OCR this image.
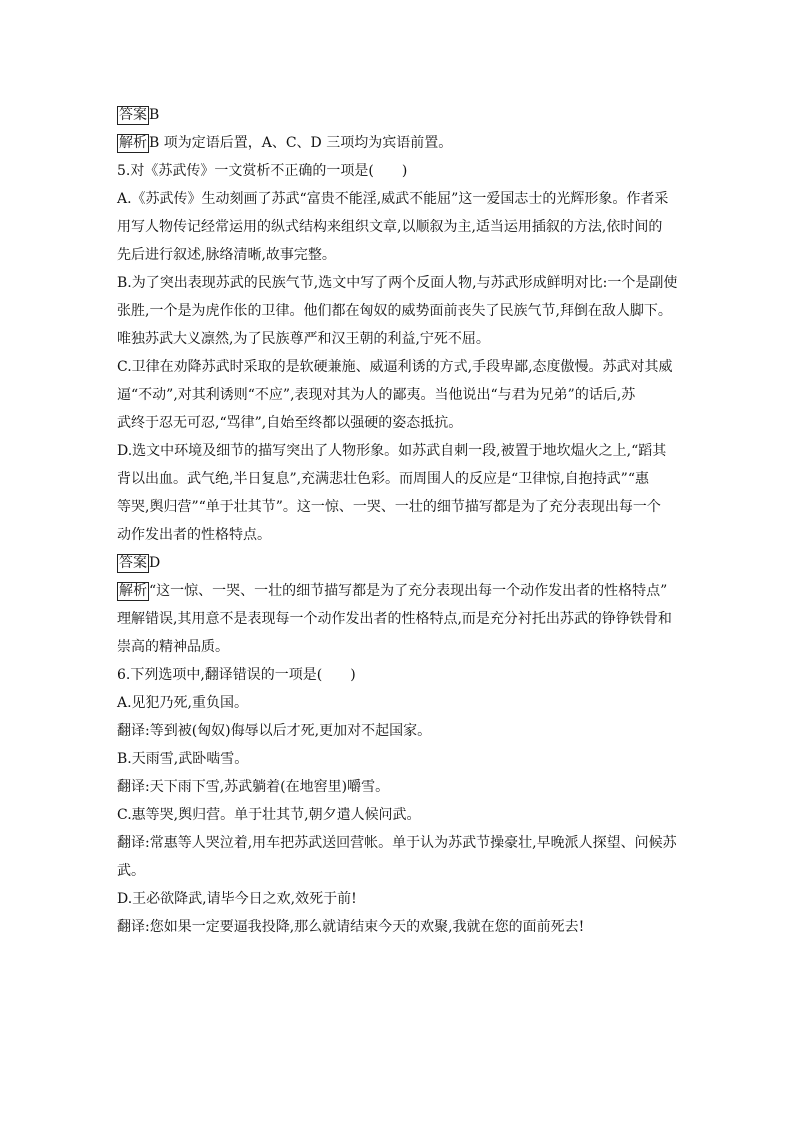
答案 B
解析 B 项为定语后置，A、C、D 三项均为宾语前置。
5.对《苏武传》一文赏析不正确的一项是(　　)
A.《苏武传》生动刻画了苏武“富贵不能淫,威武不能屈”这一爱国志士的光辉形象。作者采
用写人物传记经常运用的纵式结构来组织文章,以顺叙为主,适当运用插叙的方法,依时间的
先后进行叙述,脉络清晰,故事完整。
B.为了突出表现苏武的民族气节,选文中写了两个反面人物,与苏武形成鲜明对比:一个是副使
张胜,一个是为虎作伥的卫律。他们都在匈奴的威势面前丧失了民族气节,拜倒在敌人脚下。
唯独苏武大义凛然,为了民族尊严和汉王朝的利益,宁死不屈。
C.卫律在劝降苏武时采取的是软硬兼施、威逼利诱的方式,手段卑鄙,态度傲慢。苏武对其威
逼“不动”,对其利诱则“不应”,表现对其为人的鄙夷。当他说出“与君为兄弟”的话后,苏
武终于忍无可忍,“骂律”,自始至终都以强硬的姿态抵抗。
D.选文中环境及细节的描写突出了人物形象。如苏武自刺一段,被置于地坎煴火之上,“蹈其
背以出血。武气绝,半日复息”,充满悲壮色彩。而周围人的反应是“卫律惊,自抱持武”“惠
等哭,舆归营”“单于壮其节”。这一惊、一哭、一壮的细节描写都是为了充分表现出每一个
动作发出者的性格特点。
答案 D
解析 “这一惊、一哭、一壮的细节描写都是为了充分表现出每一个动作发出者的性格特点”
理解错误,其用意不是表现每一个动作发出者的性格特点,而是充分衬托出苏武的铮铮铁骨和
崇高的精神品质。
6.下列选项中,翻译错误的一项是(　　)
A.见犯乃死,重负国。
翻译:等到被(匈奴)侮辱以后才死,更加对不起国家。
B.天雨雪,武卧啮雪。
翻译:天下雨下雪,苏武躺着(在地窖里)嚼雪。
C.惠等哭,舆归营。单于壮其节,朝夕遣人候问武。
翻译:常惠等人哭泣着,用车把苏武送回营帐。单于认为苏武节操豪壮,早晚派人探望、问候苏
武。
D.王必欲降武,请毕今日之欢,效死于前!
翻译:您如果一定要逼我投降,那么就请结束今天的欢聚,我就在您的面前死去!
